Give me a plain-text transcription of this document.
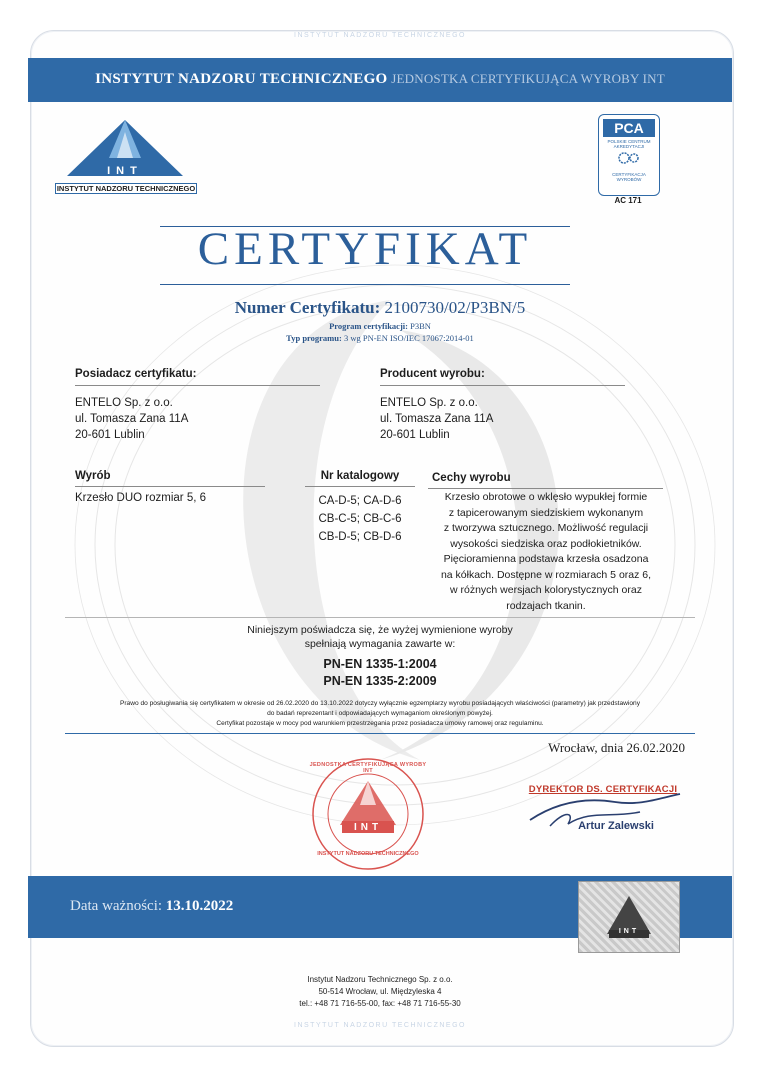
INSTYTUT NADZORU TECHNICZNEGO
INSTYTUT NADZORU TECHNICZNEGO JEDNOSTKA CERTYFIKUJĄCA WYROBY INT
INT
INSTYTUT NADZORU TECHNICZNEGO
PCA
POLSKIE CENTRUM
AKREDYTACJI
CERTYFIKACJA
WYROBÓW
AC 171
CERTYFIKAT
Numer Certyfikatu: 2100730/02/P3BN/5
Program certyfikacji: P3BN
Typ programu: 3 wg PN-EN ISO/IEC 17067:2014-01
Posiadacz certyfikatu:
ENTELO Sp. z o.o.
ul. Tomasza Zana 11A
20-601 Lublin
Producent wyrobu:
ENTELO Sp. z o.o.
ul. Tomasza Zana 11A
20-601 Lublin
Wyrób
Krzesło DUO rozmiar 5, 6
Nr katalogowy
CA-D-5; CA-D-6
CB-C-5; CB-C-6
CB-D-5; CB-D-6
Cechy wyrobu
Krzesło obrotowe o wklęsło wypukłej formie
z tapicerowanym siedziskiem wykonanym
z tworzywa sztucznego. Możliwość regulacji
wysokości siedziska oraz podłokietników.
Pięcioramienna podstawa krzesła osadzona
na kółkach. Dostępne w rozmiarach 5 oraz 6,
w różnych wersjach kolorystycznych oraz
rodzajach tkanin.
Niniejszym poświadcza się, że wyżej wymienione wyroby
spełniają wymagania zawarte w:
PN-EN 1335-1:2004
PN-EN 1335-2:2009
Prawo do posługiwania się certyfikatem w okresie od 26.02.2020 do 13.10.2022 dotyczy wyłącznie egzemplarzy wyrobu posiadających właściwości (parametry) jak przedstawiony
do badań reprezentant i odpowiadających wymaganiom określonym powyżej.
Certyfikat pozostaje w mocy pod warunkiem przestrzegania przez posiadacza umowy ramowej oraz regulaminu.
Wrocław, dnia 26.02.2020
INT
JEDNOSTKA CERTYFIKUJĄCA WYROBY INT
INSTYTUT NADZORU TECHNICZNEGO
DYREKTOR DS. CERTYFIKACJI
Artur Zalewski
Data ważności: 13.10.2022
INT
Instytut Nadzoru Technicznego Sp. z o.o.
50-514 Wrocław, ul. Międzyleska 4
tel.: +48 71 716-55-00, fax: +48 71 716-55-30
INSTYTUT NADZORU TECHNICZNEGO
